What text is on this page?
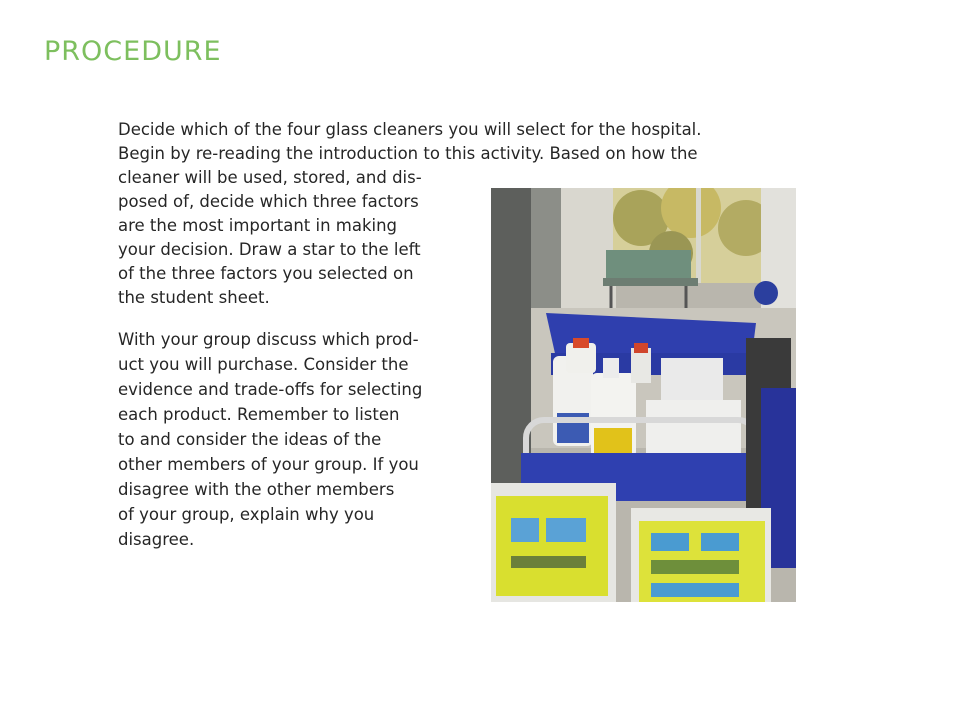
PROCEDURE
Decide which of the four glass cleaners you will select for the hospital.
Begin by re-reading the introduction to this activity. Based on how the
cleaner will be used, stored, and dis-
posed of, decide which three factors
are the most important in making
your decision. Draw a star to the left
of the three factors you selected on
the student sheet.
With your group discuss which prod-
uct you will purchase. Consider the
evidence and trade-offs for selecting
each product. Remember to listen
to and consider the ideas of the
other members of your group. If you
disagree with the other members
of your group, explain why you
disagree.
